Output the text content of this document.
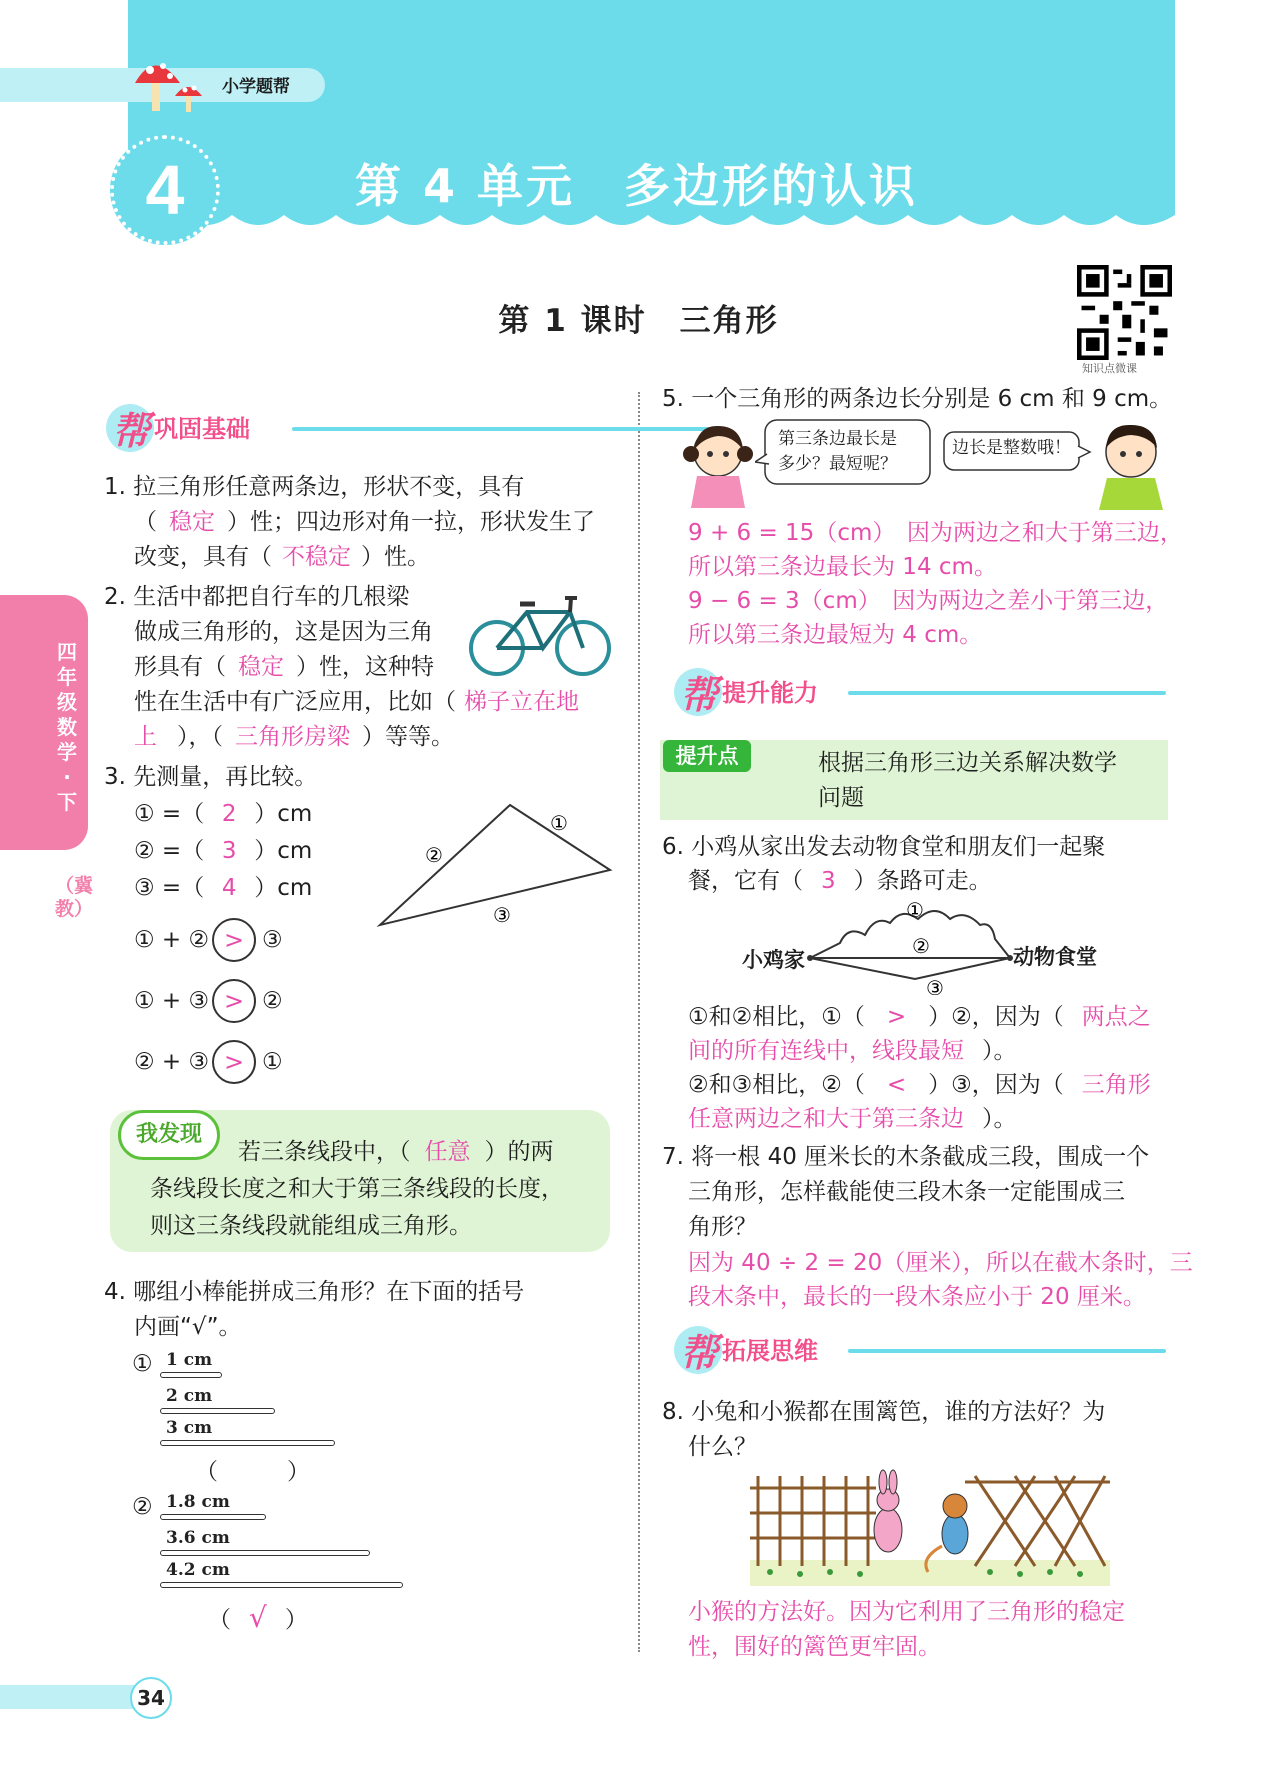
小学题帮
4	第 4 单元　多边形的认识
第 1 课时　三角形
知识点微课
四年级数学·下
（冀教）
帮 巩固基础
1. 拉三角形任意两条边，形状不变，具有
（ 稳定 ）性；四边形对角一拉，形状发生了
改变，具有（ 不稳定 ）性。
2. 生活中都把自行车的几根梁
做成三角形的，这是因为三角
形具有（ 稳定 ）性，这种特
性在生活中有广泛应用，比如（ 梯子立在地
上 ），（ 三角形房梁 ）等等。
3. 先测量，再比较。
① =（ 2 ）cm
② =（ 3 ）cm
③ =（ 4 ）cm
①
②
③
① + ② > ③
① + ③ > ②
② + ③ > ①
我发现
若三条线段中，（ 任意 ）的两
条线段长度之和大于第三条线段的长度，
则这三条线段就能组成三角形。
4. 哪组小棒能拼成三角形？在下面的括号
内画“√”。
① 1 cm
2 cm
3 cm
（　　　）
② 1.8 cm
3.6 cm
4.2 cm
（ √ ）
5. 一个三角形的两条边长分别是 6 cm 和 9 cm。
第三条边最长是
多少？最短呢？
边长是整数哦！
9 + 6 = 15（cm）　因为两边之和大于第三边，
所以第三条边最长为 14 cm。
9 − 6 = 3（cm）　因为两边之差小于第三边，
所以第三条边最短为 4 cm。
帮 提升能力
提升点	根据三角形三边关系解决数学
问题
6. 小鸡从家出发去动物食堂和朋友们一起聚
餐，它有（ 3 ）条路可走。
①
②
③
小鸡家	动物食堂
①和②相比，①（ > ）②，因为（ 两点之
间的所有连线中，线段最短 ）。
②和③相比，②（ < ）③，因为（ 三角形
任意两边之和大于第三条边 ）。
7. 将一根 40 厘米长的木条截成三段，围成一个
三角形，怎样截能使三段木条一定能围成三
角形？
因为 40 ÷ 2 = 20（厘米），所以在截木条时，三
段木条中，最长的一段木条应小于 20 厘米。
帮 拓展思维
8. 小兔和小猴都在围篱笆，谁的方法好？为
什么？
小猴的方法好。因为它利用了三角形的稳定
性，围好的篱笆更牢固。
34
